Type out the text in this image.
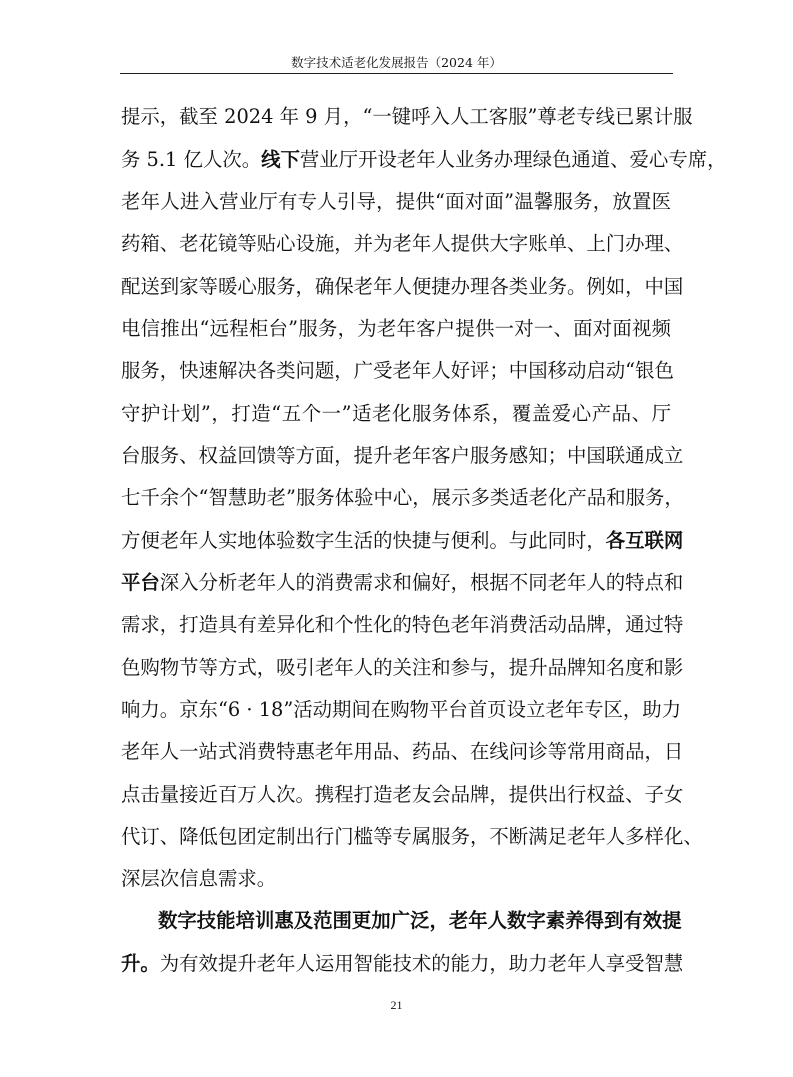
数字技术适老化发展报告（2024 年）
提示，截至 2024 年 9 月，“一键呼入人工客服”尊老专线已累计服
务 5.1 亿人次。线下营业厅开设老年人业务办理绿色通道、爱心专席，
老年人进入营业厅有专人引导，提供“面对面”温馨服务，放置医
药箱、老花镜等贴心设施，并为老年人提供大字账单、上门办理、
配送到家等暖心服务，确保老年人便捷办理各类业务。例如，中国
电信推出“远程柜台”服务，为老年客户提供一对一、面对面视频
服务，快速解决各类问题，广受老年人好评；中国移动启动“银色
守护计划”，打造“五个一”适老化服务体系，覆盖爱心产品、厅
台服务、权益回馈等方面，提升老年客户服务感知；中国联通成立
七千余个“智慧助老”服务体验中心，展示多类适老化产品和服务，
方便老年人实地体验数字生活的快捷与便利。与此同时，各互联网
平台深入分析老年人的消费需求和偏好，根据不同老年人的特点和
需求，打造具有差异化和个性化的特色老年消费活动品牌，通过特
色购物节等方式，吸引老年人的关注和参与，提升品牌知名度和影
响力。京东“6 · 18”活动期间在购物平台首页设立老年专区，助力
老年人一站式消费特惠老年用品、药品、在线问诊等常用商品，日
点击量接近百万人次。携程打造老友会品牌，提供出行权益、子女
代订、降低包团定制出行门槛等专属服务，不断满足老年人多样化、
深层次信息需求。
数字技能培训惠及范围更加广泛，老年人数字素养得到有效提
升。为有效提升老年人运用智能技术的能力，助力老年人享受智慧
21
